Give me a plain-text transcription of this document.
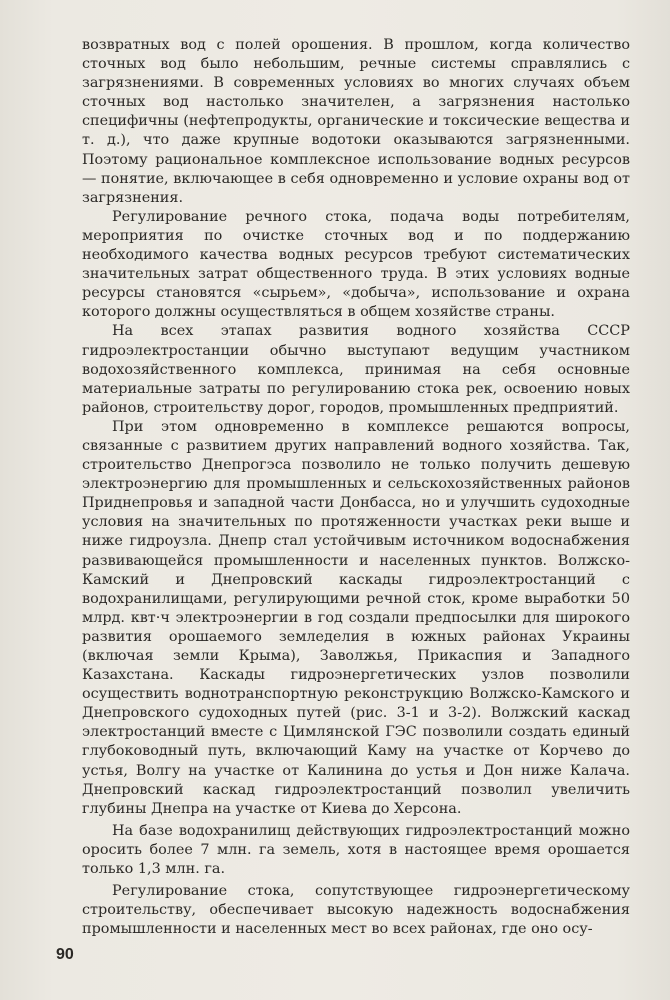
возвратных вод с полей орошения. В прошлом, когда количество сточных вод было небольшим, речные системы справлялись с загрязнениями. В современных условиях во многих случаях объем сточных вод настолько значителен, а загрязнения настолько специфичны (нефтепродукты, органические и токсические вещества и т. д.), что даже крупные водотоки оказываются загрязненными. Поэтому рациональное комплексное использование водных ресурсов — понятие, включающее в себя одновременно и условие охраны вод от загрязнения.

Регулирование речного стока, подача воды потребителям, мероприятия по очистке сточных вод и по поддержанию необходимого качества водных ресурсов требуют систематических значительных затрат общественного труда. В этих условиях водные ресурсы становятся «сырьем», «добыча», использование и охрана которого должны осуществляться в общем хозяйстве страны.

На всех этапах развития водного хозяйства СССР гидроэлектростанции обычно выступают ведущим участником водохозяйственного комплекса, принимая на себя основные материальные затраты по регулированию стока рек, освоению новых районов, строительству дорог, городов, промышленных предприятий.

При этом одновременно в комплексе решаются вопросы, связанные с развитием других направлений водного хозяйства. Так, строительство Днепрогэса позволило не только получить дешевую электроэнергию для промышленных и сельскохозяйственных районов Приднепровья и западной части Донбасса, но и улучшить судоходные условия на значительных по протяженности участках реки выше и ниже гидроузла. Днепр стал устойчивым источником водоснабжения развивающейся промышленности и населенных пунктов. Волжско-Камский и Днепровский каскады гидроэлектростанций с водохранилищами, регулирующими речной сток, кроме выработки 50 млрд. квт·ч электроэнергии в год создали предпосылки для широкого развития орошаемого земледелия в южных районах Украины (включая земли Крыма), Заволжья, Прикаспия и Западного Казахстана. Каскады гидроэнергетических узлов позволили осуществить воднотранспортную реконструкцию Волжско-Камского и Днепровского судоходных путей (рис. 3-1 и 3-2). Волжский каскад электростанций вместе с Цимлянской ГЭС позволили создать единый глубоководный путь, включающий Каму на участке от Корчево до устья, Волгу на участке от Калинина до устья и Дон ниже Калача. Днепровский каскад гидроэлектростанций позволил увеличить глубины Днепра на участке от Киева до Херсона.

На базе водохранилищ действующих гидроэлектростанций можно оросить более 7 млн. га земель, хотя в настоящее время орошается только 1,3 млн. га.

Регулирование стока, сопутствующее гидроэнергетическому строительству, обеспечивает высокую надежность водоснабжения промышленности и населенных мест во всех районах, где оно осу-

90
